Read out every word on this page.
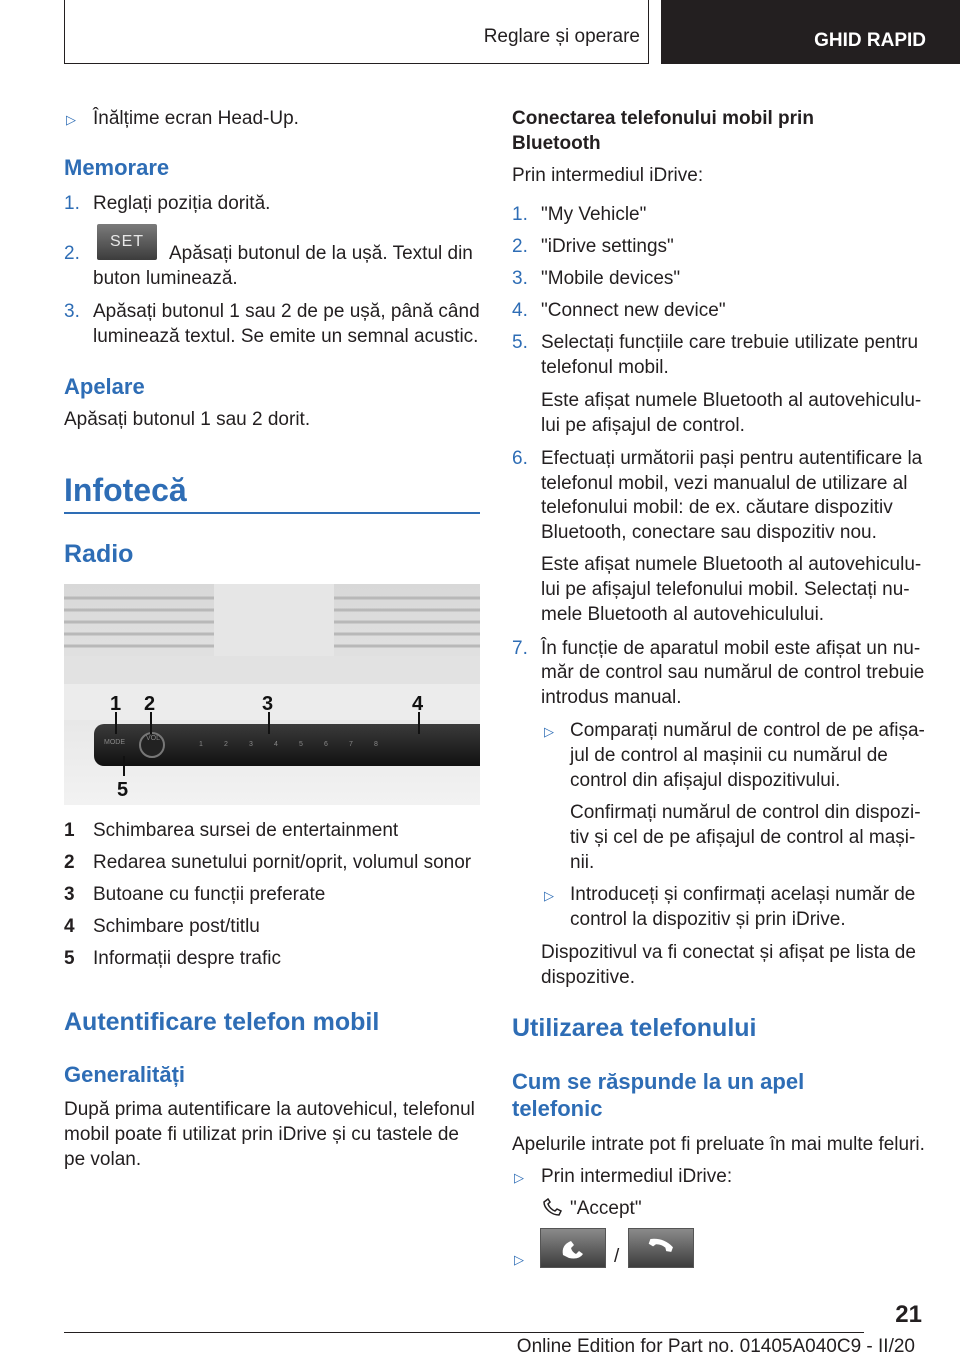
Reglare și operare	GHID RAPID
▷ Înălțime ecran Head-Up.
Memorare
1. Reglați poziția dorită.
2.
SET
Apăsați butonul de la ușă. Textul din
buton luminează.
3. Apăsați butonul 1 sau 2 de pe ușă, până când
luminează textul. Se emite un semnal acustic.
Apelare
Apăsați butonul 1 sau 2 dorit.
Infotecă
Radio
MODE
VOL
1	2	3	4	5	6	7	8
1 2	3	4
5
1 Schimbarea sursei de entertainment
2 Redarea sunetului pornit/oprit, volumul sonor
3 Butoane cu funcții preferate
4 Schimbare post/titlu
5 Informații despre trafic
Autentificare telefon mobil
Generalități
După prima autentificare la autovehicul, telefonul
mobil poate fi utilizat prin iDrive și cu tastele de
pe volan.
Conectarea telefonului mobil prin
Bluetooth
Prin intermediul iDrive:
1. "My Vehicle"
2. "iDrive settings"
3. "Mobile devices"
4. "Connect new device"
5. Selectați funcțiile care trebuie utilizate pentru
telefonul mobil.
Este afișat numele Bluetooth al autovehiculu-
lui pe afișajul de control.
6. Efectuați următorii pași pentru autentificare la
telefonul mobil, vezi manualul de utilizare al
telefonului mobil: de ex. căutare dispozitiv
Bluetooth, conectare sau dispozitiv nou.
Este afișat numele Bluetooth al autovehiculu-
lui pe afișajul telefonului mobil. Selectați nu-
mele Bluetooth al autovehiculului.
7. În funcție de aparatul mobil este afișat un nu-
măr de control sau numărul de control trebuie
introdus manual.
▷ Comparați numărul de control de pe afișa-
jul de control al mașinii cu numărul de
control din afișajul dispozitivului.
Confirmați numărul de control din dispozi-
tiv și cel de pe afișajul de control al mași-
nii.
▷ Introduceți și confirmați același număr de
control la dispozitiv și prin iDrive.
Dispozitivul va fi conectat și afișat pe lista de
dispozitive.
Utilizarea telefonului
Cum se răspunde la un apel
telefonic
Apelurile intrate pot fi preluate în mai multe feluri.
▷ Prin intermediul iDrive:
"Accept"
▷	/
21
Online Edition for Part no. 01405A040C9 - II/20
